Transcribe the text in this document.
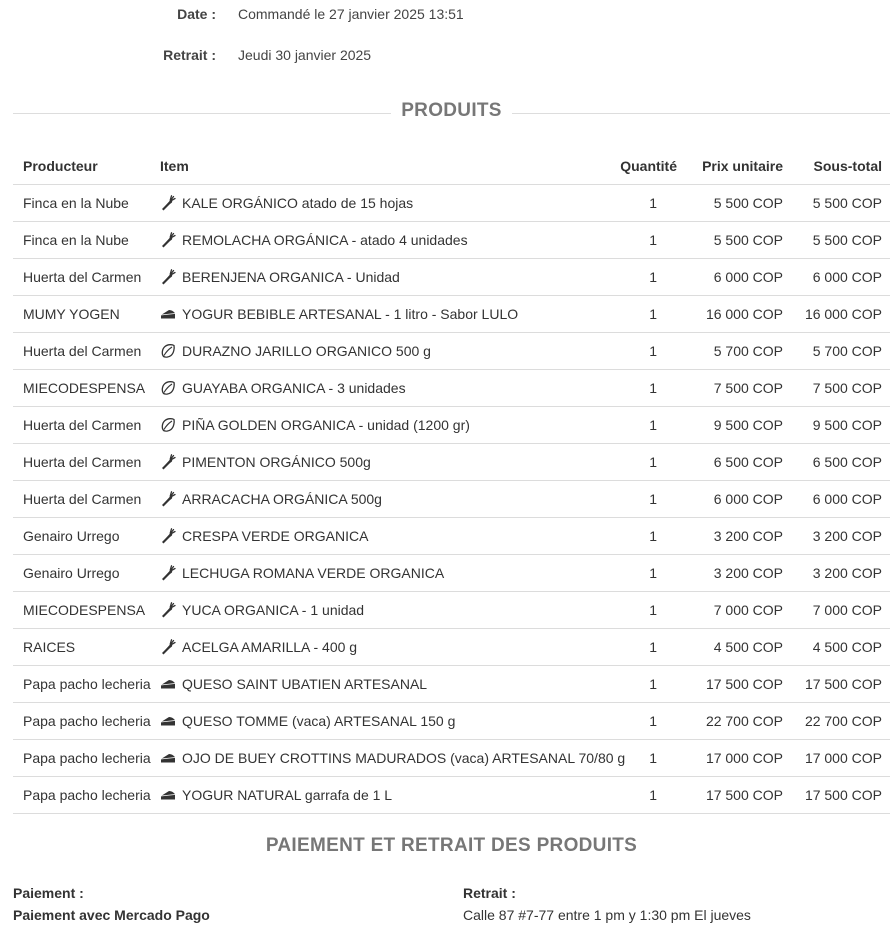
Date : Commandé le 27 janvier 2025 13:51
Retrait : Jeudi 30 janvier 2025
PRODUITS
Producteur	Item	Quantité	Prix unitaire	Sous-total
Finca en la Nube	KALE ORGÁNICO atado de 15 hojas	1	5 500 COP	5 500 COP
Finca en la Nube	REMOLACHA ORGÁNICA - atado 4 unidades	1	5 500 COP	5 500 COP
Huerta del Carmen	BERENJENA ORGANICA - Unidad	1	6 000 COP	6 000 COP
MUMY YOGEN	YOGUR BEBIBLE ARTESANAL - 1 litro - Sabor LULO	1	16 000 COP	16 000 COP
Huerta del Carmen	DURAZNO JARILLO ORGANICO 500 g	1	5 700 COP	5 700 COP
MIECODESPENSA	GUAYABA ORGANICA - 3 unidades	1	7 500 COP	7 500 COP
Huerta del Carmen	PIÑA GOLDEN ORGANICA - unidad (1200 gr)	1	9 500 COP	9 500 COP
Huerta del Carmen	PIMENTON ORGÁNICO 500g	1	6 500 COP	6 500 COP
Huerta del Carmen	ARRACACHA ORGÁNICA 500g	1	6 000 COP	6 000 COP
Genairo Urrego	CRESPA VERDE ORGANICA	1	3 200 COP	3 200 COP
Genairo Urrego	LECHUGA ROMANA VERDE ORGANICA	1	3 200 COP	3 200 COP
MIECODESPENSA	YUCA ORGANICA - 1 unidad	1	7 000 COP	7 000 COP
RAICES	ACELGA AMARILLA - 400 g	1	4 500 COP	4 500 COP
Papa pacho lecheria	QUESO SAINT UBATIEN ARTESANAL	1	17 500 COP	17 500 COP
Papa pacho lecheria	QUESO TOMME (vaca) ARTESANAL 150 g	1	22 700 COP	22 700 COP
Papa pacho lecheria	OJO DE BUEY CROTTINS MADURADOS (vaca) ARTESANAL 70/80 g	1	17 000 COP	17 000 COP
Papa pacho lecheria	YOGUR NATURAL garrafa de 1 L	1	17 500 COP	17 500 COP
PAIEMENT ET RETRAIT DES PRODUITS
Paiement :
Paiement avec Mercado Pago
Retrait :
Calle 87 #7-77 entre 1 pm y 1:30 pm El jueves
